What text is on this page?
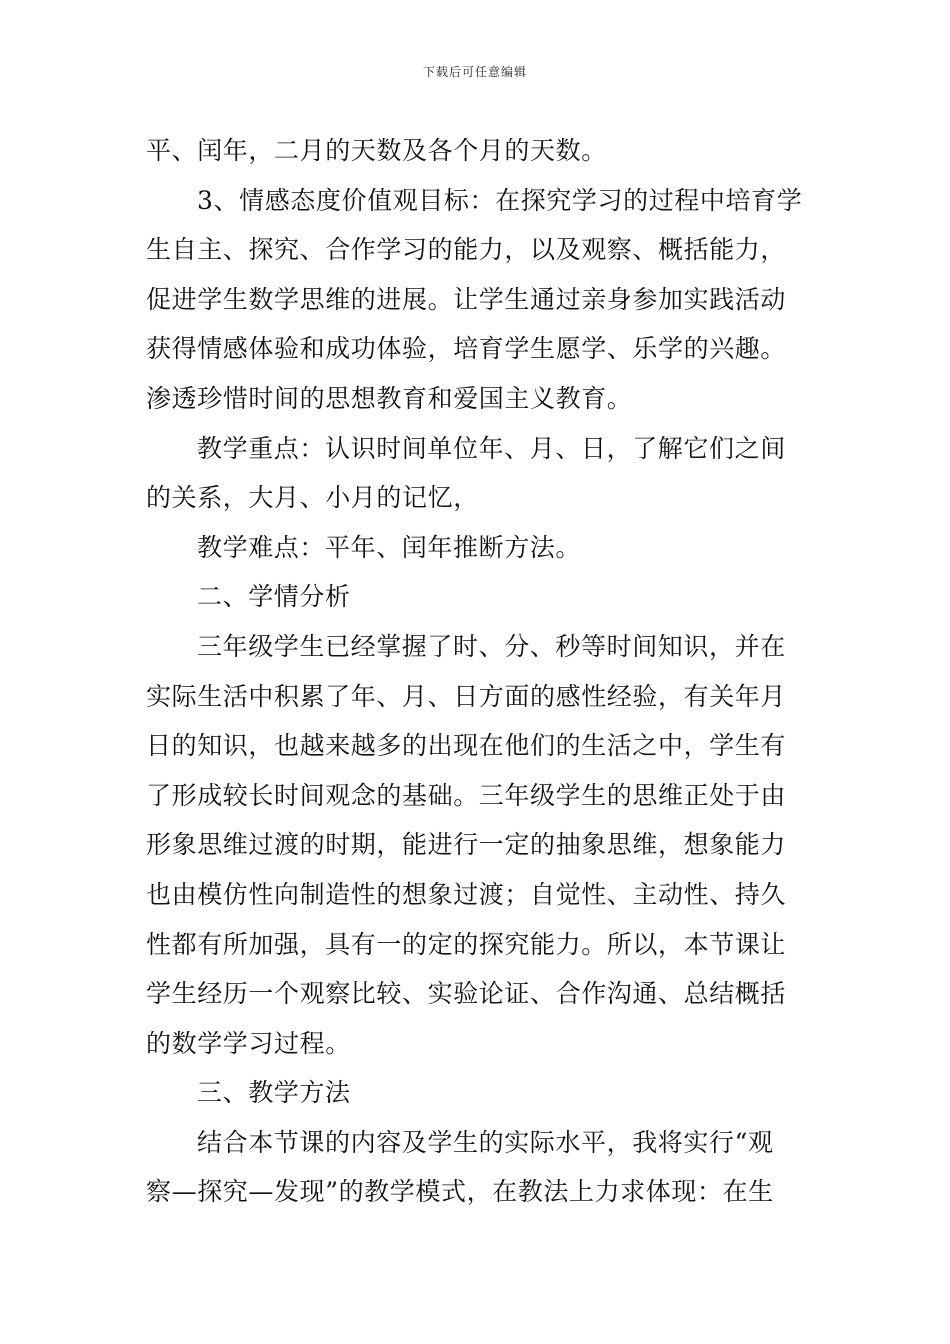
下载后可任意编辑
平、闰年，二月的天数及各个月的天数。
3、情感态度价值观目标：在探究学习的过程中培育学
生自主、探究、合作学习的能力，以及观察、概括能力，
促进学生数学思维的进展。让学生通过亲身参加实践活动
获得情感体验和成功体验，培育学生愿学、乐学的兴趣。
渗透珍惜时间的思想教育和爱国主义教育。
教学重点：认识时间单位年、月、日，了解它们之间
的关系，大月、小月的记忆，
教学难点：平年、闰年推断方法。
二、学情分析
三年级学生已经掌握了时、分、秒等时间知识，并在
实际生活中积累了年、月、日方面的感性经验，有关年月
日的知识，也越来越多的出现在他们的生活之中，学生有
了形成较长时间观念的基础。三年级学生的思维正处于由
形象思维过渡的时期，能进行一定的抽象思维，想象能力
也由模仿性向制造性的想象过渡；自觉性、主动性、持久
性都有所加强，具有一的定的探究能力。所以，本节课让
学生经历一个观察比较、实验论证、合作沟通、总结概括
的数学学习过程。
三、教学方法
结合本节课的内容及学生的实际水平，我将实行“观
察—探究—发现”的教学模式，在教法上力求体现：在生
